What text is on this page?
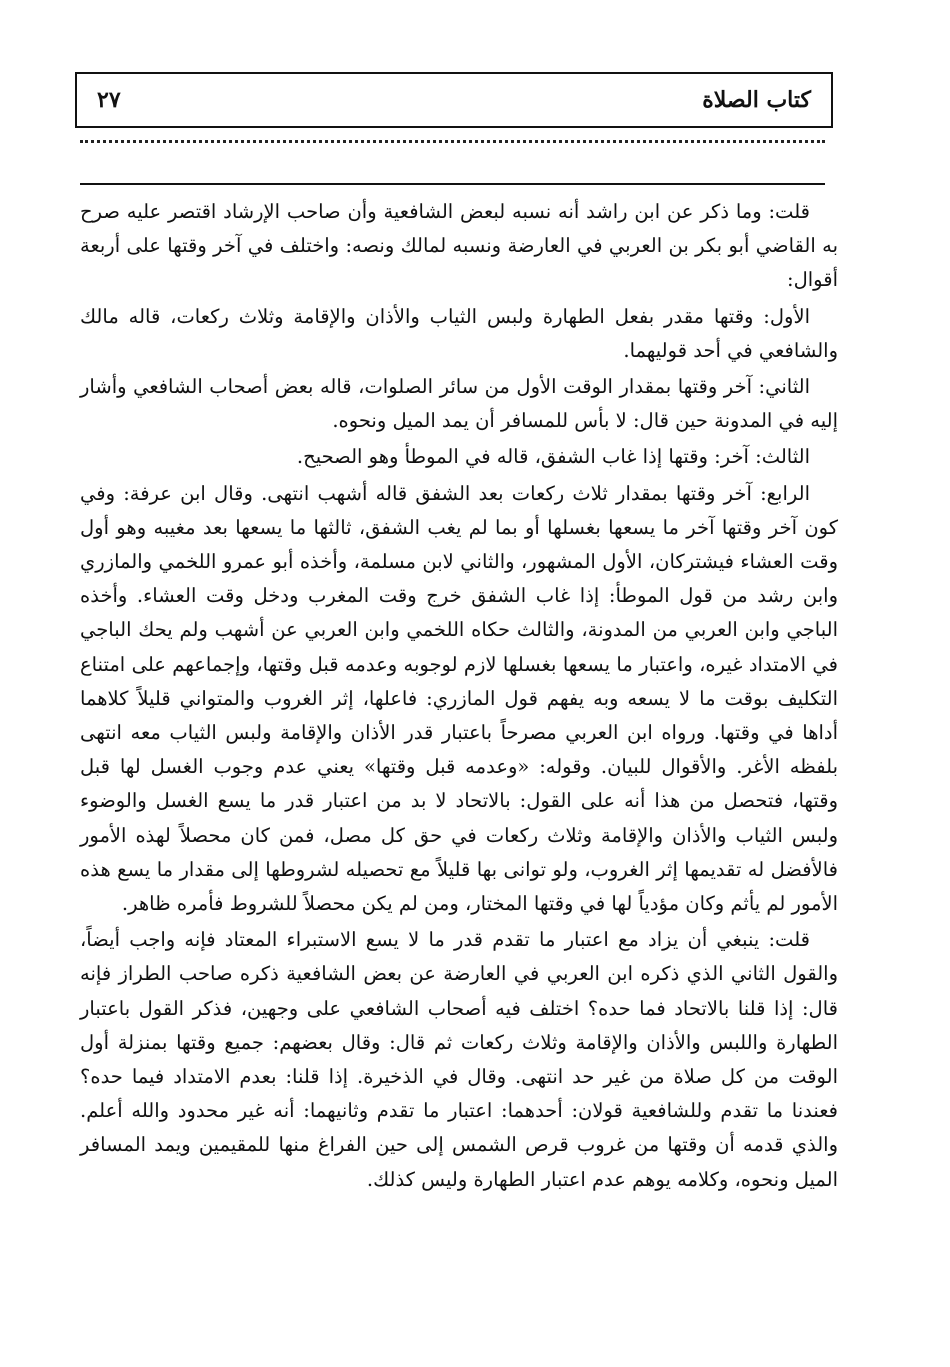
كتاب الصلاة
٢٧

قلت: وما ذكر عن ابن راشد أنه نسبه لبعض الشافعية وأن صاحب الإرشاد اقتصر عليه صرح به القاضي أبو بكر بن العربي في العارضة ونسبه لمالك ونصه: واختلف في آخر وقتها على أربعة أقوال:

الأول: وقتها مقدر بفعل الطهارة ولبس الثياب والأذان والإقامة وثلاث ركعات، قاله مالك والشافعي في أحد قوليهما.

الثاني: آخر وقتها بمقدار الوقت الأول من سائر الصلوات، قاله بعض أصحاب الشافعي وأشار إليه في المدونة حين قال: لا بأس للمسافر أن يمد الميل ونحوه.

الثالث: آخر: وقتها إذا غاب الشفق، قاله في الموطأ وهو الصحيح.

الرابع: آخر وقتها بمقدار ثلاث ركعات بعد الشفق قاله أشهب انتهى. وقال ابن عرفة: وفي كون آخر وقتها آخر ما يسعها بغسلها أو بما لم يغب الشفق، ثالثها ما يسعها بعد مغيبه وهو أول وقت العشاء فيشتركان، الأول المشهور، والثاني لابن مسلمة، وأخذه أبو عمرو اللخمي والمازري وابن رشد من قول الموطأ: إذا غاب الشفق خرج وقت المغرب ودخل وقت العشاء. وأخذه الباجي وابن العربي من المدونة، والثالث حكاه اللخمي وابن العربي عن أشهب ولم يحك الباجي في الامتداد غيره، واعتبار ما يسعها بغسلها لازم لوجوبه وعدمه قبل وقتها، وإجماعهم على امتناع التكليف بوقت ما لا يسعه وبه يفهم قول المازري: فاعلها، إثر الغروب والمتواني قليلاً كلاهما أداها في وقتها. ورواه ابن العربي مصرحاً باعتبار قدر الأذان والإقامة ولبس الثياب معه انتهى بلفظه الأغر. والأقوال للبيان. وقوله: «وعدمه قبل وقتها» يعني عدم وجوب الغسل لها قبل وقتها، فتحصل من هذا أنه على القول: بالاتحاد لا بد من اعتبار قدر ما يسع الغسل والوضوء ولبس الثياب والأذان والإقامة وثلاث ركعات في حق كل مصل، فمن كان محصلاً لهذه الأمور فالأفضل له تقديمها إثر الغروب، ولو توانى بها قليلاً مع تحصيله لشروطها إلى مقدار ما يسع هذه الأمور لم يأثم وكان مؤدياً لها في وقتها المختار، ومن لم يكن محصلاً للشروط فأمره ظاهر.

قلت: ينبغي أن يزاد مع اعتبار ما تقدم قدر ما لا يسع الاستبراء المعتاد فإنه واجب أيضاً، والقول الثاني الذي ذكره ابن العربي في العارضة عن بعض الشافعية ذكره صاحب الطراز فإنه قال: إذا قلنا بالاتحاد فما حده؟ اختلف فيه أصحاب الشافعي على وجهين، فذكر القول باعتبار الطهارة واللبس والأذان والإقامة وثلاث ركعات ثم قال: وقال بعضهم: جميع وقتها بمنزلة أول الوقت من كل صلاة من غير حد انتهى. وقال في الذخيرة. إذا قلنا: بعدم الامتداد فيما حده؟ فعندنا ما تقدم وللشافعية قولان: أحدهما: اعتبار ما تقدم وثانيهما: أنه غير محدود والله أعلم. والذي قدمه أن وقتها من غروب قرص الشمس إلى حين الفراغ منها للمقيمين ويمد المسافر الميل ونحوه، وكلامه يوهم عدم اعتبار الطهارة وليس كذلك.
